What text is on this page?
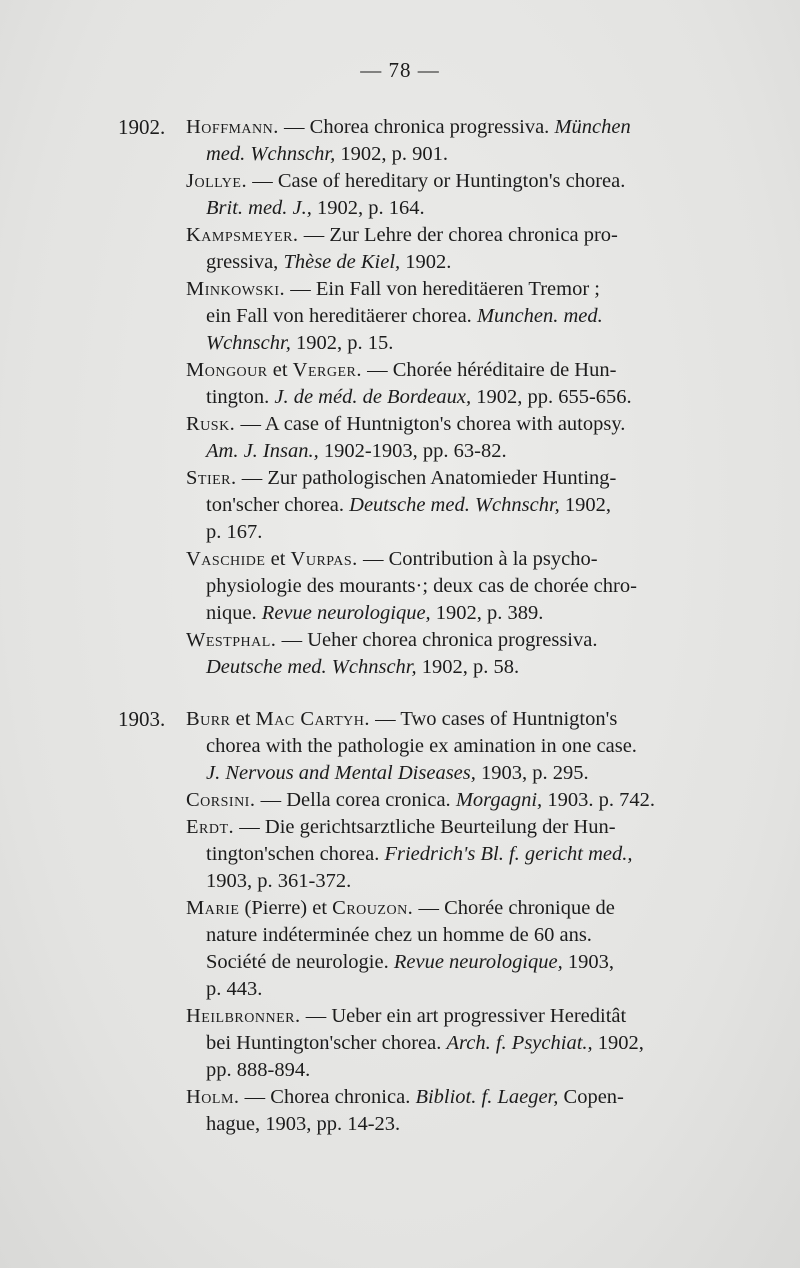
— 78 —
1902. Hoffmann. — Chorea chronica progressiva. München
med. Wchnschr, 1902, p. 901.
Jollye. — Case of hereditary or Huntington's chorea.
Brit. med. J., 1902, p. 164.
Kampsmeyer. — Zur Lehre der chorea chronica pro-
gressiva, Thèse de Kiel, 1902.
Minkowski. — Ein Fall von hereditäeren Tremor ;
ein Fall von hereditäerer chorea. Munchen. med.
Wchnschr, 1902, p. 15.
Mongour et Verger. — Chorée héréditaire de Hun-
tington. J. de méd. de Bordeaux, 1902, pp. 655-656.
Rusk. — A case of Huntnigton's chorea with autopsy.
Am. J. Insan., 1902-1903, pp. 63-82.
Stier. — Zur pathologischen Anatomieder Hunting-
ton'scher chorea. Deutsche med. Wchnschr, 1902,
p. 167.
Vaschide et Vurpas. — Contribution à la psycho-
physiologie des mourants·; deux cas de chorée chro-
nique. Revue neurologique, 1902, p. 389.
Westphal. — Ueher chorea chronica progressiva.
Deutsche med. Wchnschr, 1902, p. 58.
1903. Burr et Mac Cartyh. — Two cases of Huntnigton's
chorea with the pathologie ex amination in one case.
J. Nervous and Mental Diseases, 1903, p. 295.
Corsini. — Della corea cronica. Morgagni, 1903. p. 742.
Erdt. — Die gerichtsarztliche Beurteilung der Hun-
tington'schen chorea. Friedrich's Bl. f. gericht med.,
1903, p. 361-372.
Marie (Pierre) et Crouzon. — Chorée chronique de
nature indéterminée chez un homme de 60 ans.
Société de neurologie. Revue neurologique, 1903,
p. 443.
Heilbronner. — Ueber ein art progressiver Hereditât
bei Huntington'scher chorea. Arch. f. Psychiat., 1902,
pp. 888-894.
Holm. — Chorea chronica. Bibliot. f. Laeger, Copen-
hague, 1903, pp. 14-23.
